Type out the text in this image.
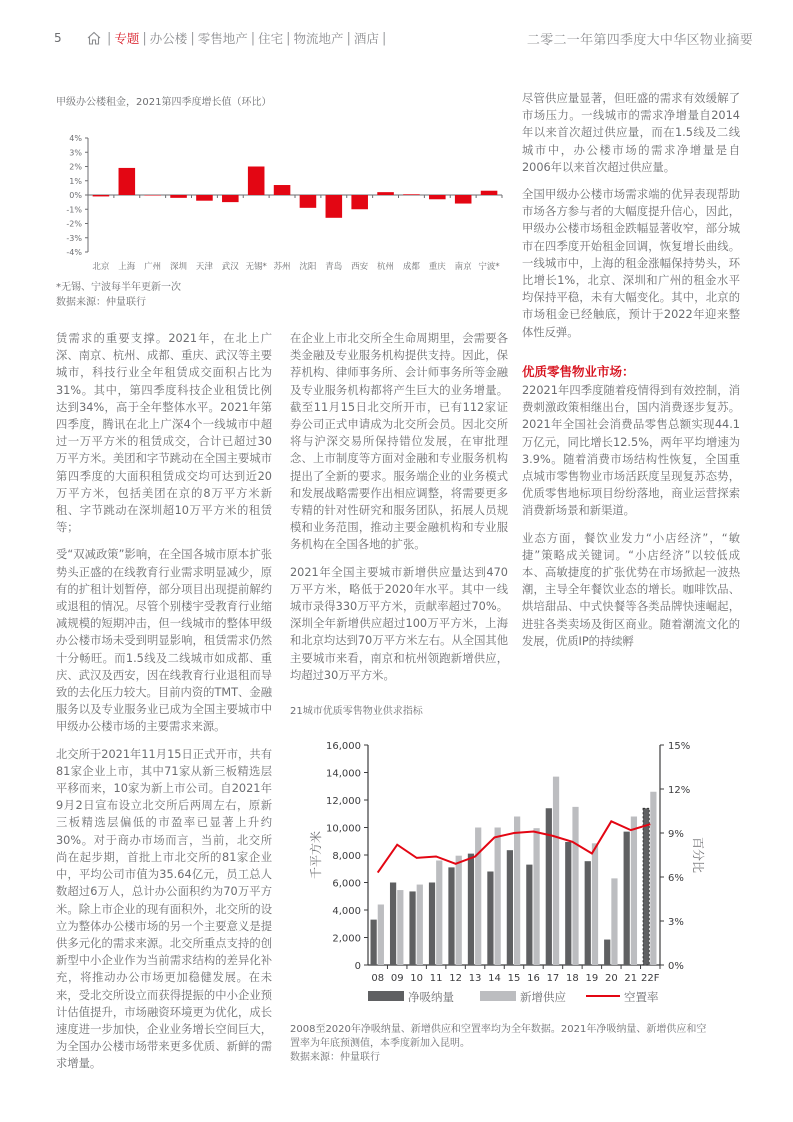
5	| 专题 | 办公楼 | 零售地产 | 住宅 | 物流地产 | 酒店 |	二零二一年第四季度大中华区物业摘要
甲级办公楼租金，2021第四季度增长值（环比）
4%
3%
2%
1%
0%
-1%
-2%
-3%
-4%
北京 上海 广州 深圳 天津 武汉 无锡* 苏州 沈阳 青岛 西安 杭州 成都 重庆 南京 宁波*
*无锡、宁波每半年更新一次
数据来源：仲量联行

赁需求的重要支撑。2021年，在北上广深、南京、杭州、成都、重庆、武汉等主要城市，科技行业全年租赁成交面积占比为31%。其中，第四季度科技企业租赁比例达到34%，高于全年整体水平。2021年第四季度，腾讯在北上广深4个一线城市中超过一万平方米的租赁成交，合计已超过30万平方米。美团和字节跳动在全国主要城市第四季度的大面积租赁成交均可达到近20万平方米，包括美团在京的8万平方米新租、字节跳动在深圳超10万平方米的租赁等；

受“双减政策”影响，在全国各城市原本扩张势头正盛的在线教育行业需求明显减少，原有的扩租计划暂停，部分项目出现提前解约或退租的情况。尽管个别楼宇受教育行业缩减规模的短期冲击，但一线城市的整体甲级办公楼市场未受到明显影响，租赁需求仍然十分畅旺。而1.5线及二线城市如成都、重庆、武汉及西安，因在线教育行业退租而导致的去化压力较大。目前内资的TMT、金融服务以及专业服务业已成为全国主要城市中甲级办公楼市场的主要需求来源。

北交所于2021年11月15日正式开市，共有81家企业上市，其中71家从新三板精选层平移而来，10家为新上市公司。自2021年9月2日宣布设立北交所后两周左右，原新三板精选层偏低的市盈率已显著上升约30%。对于商办市场而言，当前，北交所尚在起步期，首批上市北交所的81家企业中，平均公司市值为35.64亿元，员工总人数超过6万人，总计办公面积约为70万平方米。除上市企业的现有面积外，北交所的设立为整体办公楼市场的另一个主要意义是提供多元化的需求来源。北交所重点支持的创新型中小企业作为当前需求结构的差异化补充，将推动办公市场更加稳健发展。在未来，受北交所设立而获得提振的中小企业预计估值提升，市场融资环境更为优化，成长速度进一步加快，企业业务增长空间巨大，为全国办公楼市场带来更多优质、新鲜的需求增量。

在企业上市北交所全生命周期里，会需要各类金融及专业服务机构提供支持。因此，保荐机构、律师事务所、会计师事务所等金融及专业服务机构都将产生巨大的业务增量。截至11月15日北交所开市，已有112家证券公司正式申请成为北交所会员。因北交所将与沪深交易所保持错位发展，在审批理念、上市制度等方面对金融和专业服务机构提出了全新的要求。服务端企业的业务模式和发展战略需要作出相应调整，将需要更多专精的针对性研究和服务团队，拓展人员规模和业务范围，推动主要金融机构和专业服务机构在全国各地的扩张。

2021年全国主要城市新增供应量达到470万平方米，略低于2020年水平。其中一线城市录得330万平方米，贡献率超过70%。深圳全年新增供应超过100万平方米，上海和北京均达到70万平方米左右。从全国其他主要城市来看，南京和杭州领跑新增供应，均超过30万平方米。

尽管供应量显著，但旺盛的需求有效缓解了市场压力。一线城市的需求净增量自2014年以来首次超过供应量，而在1.5线及二线城市中，办公楼市场的需求净增量是自2006年以来首次超过供应量。

全国甲级办公楼市场需求端的优异表现帮助市场各方参与者的大幅度提升信心，因此，甲级办公楼市场租金跌幅显著收窄，部分城市在四季度开始租金回调，恢复增长曲线。一线城市中，上海的租金涨幅保持势头，环比增长1%，北京、深圳和广州的租金水平均保持平稳，未有大幅变化。其中，北京的市场租金已经触底，预计于2022年迎来整体性反弹。

优质零售物业市场：

22021年四季度随着疫情得到有效控制，消费刺激政策相继出台，国内消费逐步复苏。2021年全国社会消费品零售总额实现44.1万亿元，同比增长12.5%，两年平均增速为3.9%。随着消费市场结构性恢复，全国重点城市零售物业市场活跃度呈现复苏态势，优质零售地标项目纷纷落地，商业运营探索消费新场景和新渠道。

业态方面，餐饮业发力“小店经济”，“敏捷”策略成关键词。“小店经济”以较低成本、高敏捷度的扩张优势在市场掀起一波热潮，主导全年餐饮业态的增长。咖啡饮品、烘培甜品、中式快餐等各类品牌快速崛起，进驻各类卖场及街区商业。随着潮流文化的发展，优质IP的持续孵

21城市优质零售物业供求指标
0
2,000
4,000
6,000
8,000
10,000
12,000
14,000
16,000
0%
3%
6%
9%
12%
15%
千平方米	百分比
08 09 10 11 12 13 14 15 16 17 18 19 20 21 22F
净吸纳量	新增供应	空置率
2008至2020年净吸纳量、新增供应和空置率均为全年数据。2021年净吸纳量、新增供应和空
置率为年底预测值，本季度新加入昆明。
数据来源：仲量联行
